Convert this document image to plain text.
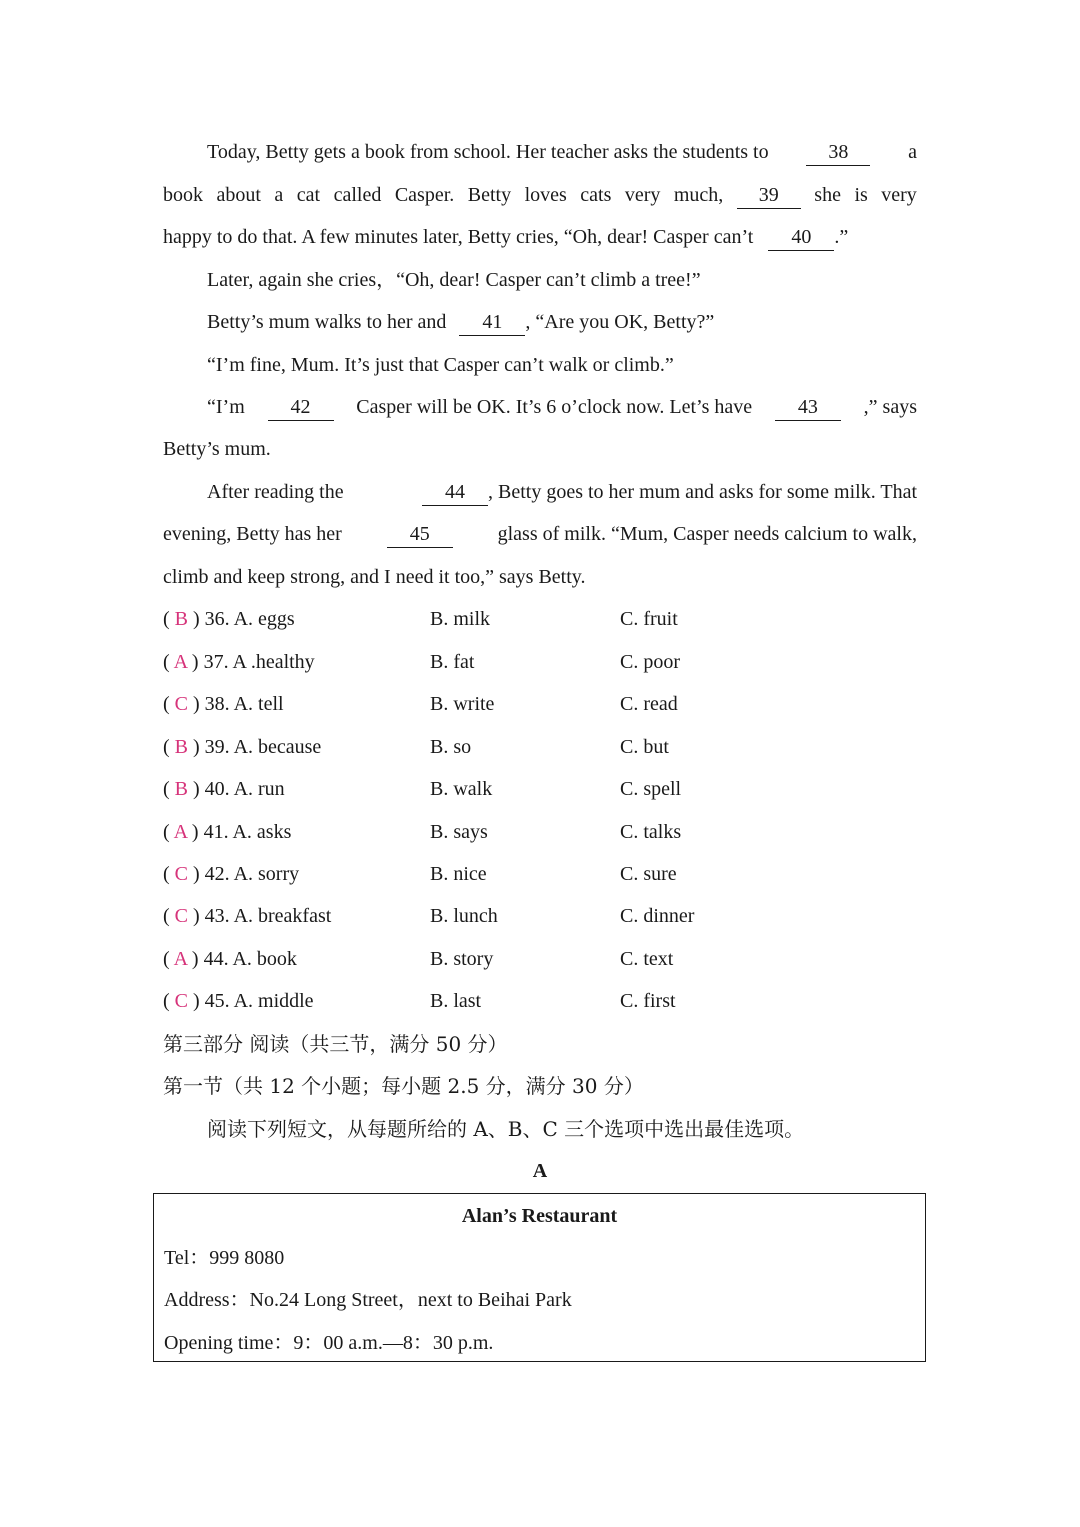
Today, Betty gets a book from school. Her teacher asks the students to	38	a
book about a cat called Casper. Betty loves cats very much,	39	she is very
happy to do that. A few minutes later, Betty cries, “Oh, dear! Casper can’t 40 .”
Later, again she cries，“Oh, dear! Casper can’t climb a tree!”
Betty’s mum walks to her and 41 , “Are you OK, Betty?”
“I’m fine, Mum. It’s just that Casper can’t walk or climb.”
“I’m	42	Casper will be OK. It’s 6 o’clock now. Let’s have	43	,” says
Betty’s mum.
After reading the	44 , Betty goes to her mum and asks for some milk. That
evening, Betty has her	45	glass of milk. “Mum, Casper needs calcium to walk,
climb and keep strong, and I need it too,” says Betty.
( B ) 36. A. eggs	B. milk	C. fruit
( A ) 37. A .healthy	B. fat	C. poor
( C ) 38. A. tell	B. write	C. read
( B ) 39. A. because	B. so	C. but
( B ) 40. A. run	B. walk	C. spell
( A ) 41. A. asks	B. says	C. talks
( C ) 42. A. sorry	B. nice	C. sure
( C ) 43. A. breakfast	B. lunch	C. dinner
( A ) 44. A. book	B. story	C. text
( C ) 45. A. middle	B. last	C. first
第三部分 阅读（共三节，满分 50 分）
第一节（共 12 个小题；每小题 2.5 分，满分 30 分）
阅读下列短文，从每题所给的 A、B、C 三个选项中选出最佳选项。
A
Alan’s Restaurant
Tel：999 8080
Address：No.24 Long Street，next to Beihai Park
Opening time：9：00 a.m.—8：30 p.m.
